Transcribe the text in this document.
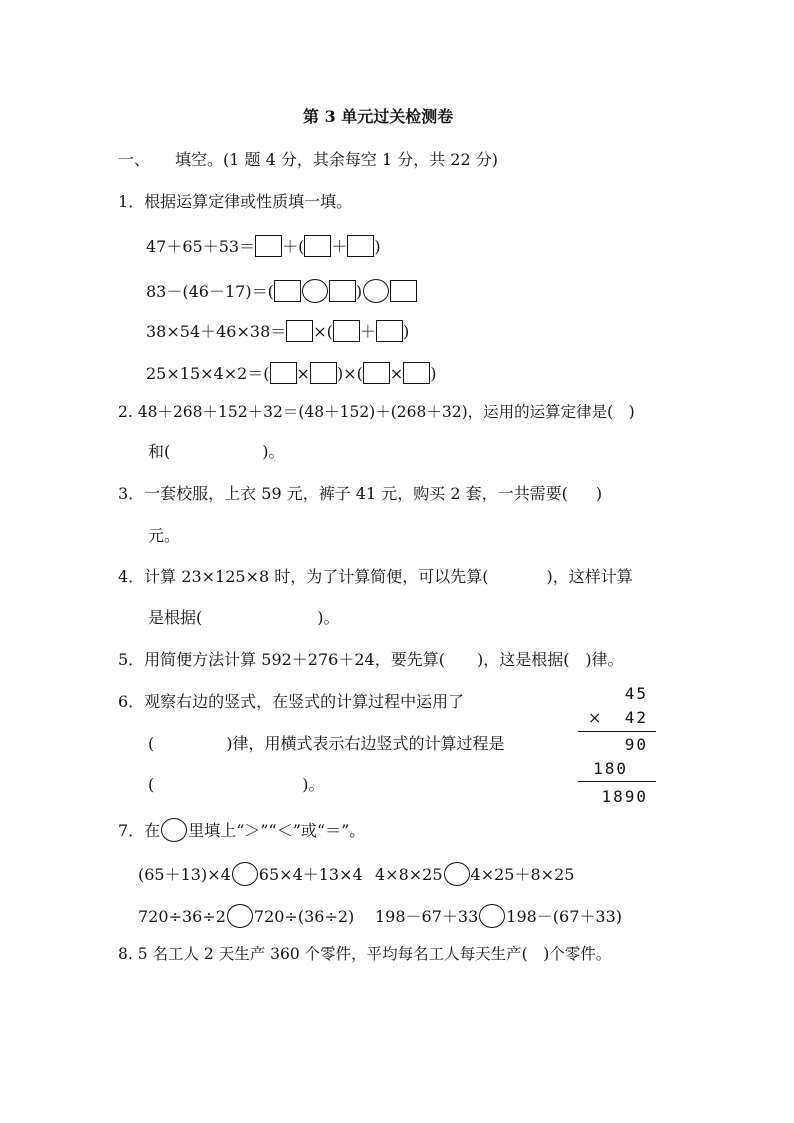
第 3 单元过关检测卷
一、 填空。(1 题 4 分，其余每空 1 分，共 22 分)
1．根据运算定律或性质填一填。
47＋65＋53＝ ＋( ＋ )
83－(46－17)＝(	)
38×54＋46×38＝ ×( ＋ )
25×15×4×2＝( × )×( × )
2. 48＋268＋152＋32＝(48＋152)＋(268＋32)，运用的运算定律是(　)
和(	)。
3．一套校服，上衣 59 元，裤子 41 元，购买 2 套，一共需要( )
元。
4．计算 23×125×8 时，为了计算简便，可以先算(	)，这样计算
是根据(	)。
5．用简便方法计算 592＋276＋24，要先算(　　)，这是根据(　)律。
6．观察右边的竖式，在竖式的计算过程中运用了
(	)律，用横式表示右边竖式的计算过程是
(	)。
45
×	42
90
180
1890
7．在 里填上“＞”“＜”或“＝”。
(65＋13)×4 65×4＋13×4 4×8×25 4×25＋8×25
720÷36÷2 720÷(36÷2) 198－67＋33 198－(67＋33)
8. 5 名工人 2 天生产 360 个零件，平均每名工人每天生产(　)个零件。
